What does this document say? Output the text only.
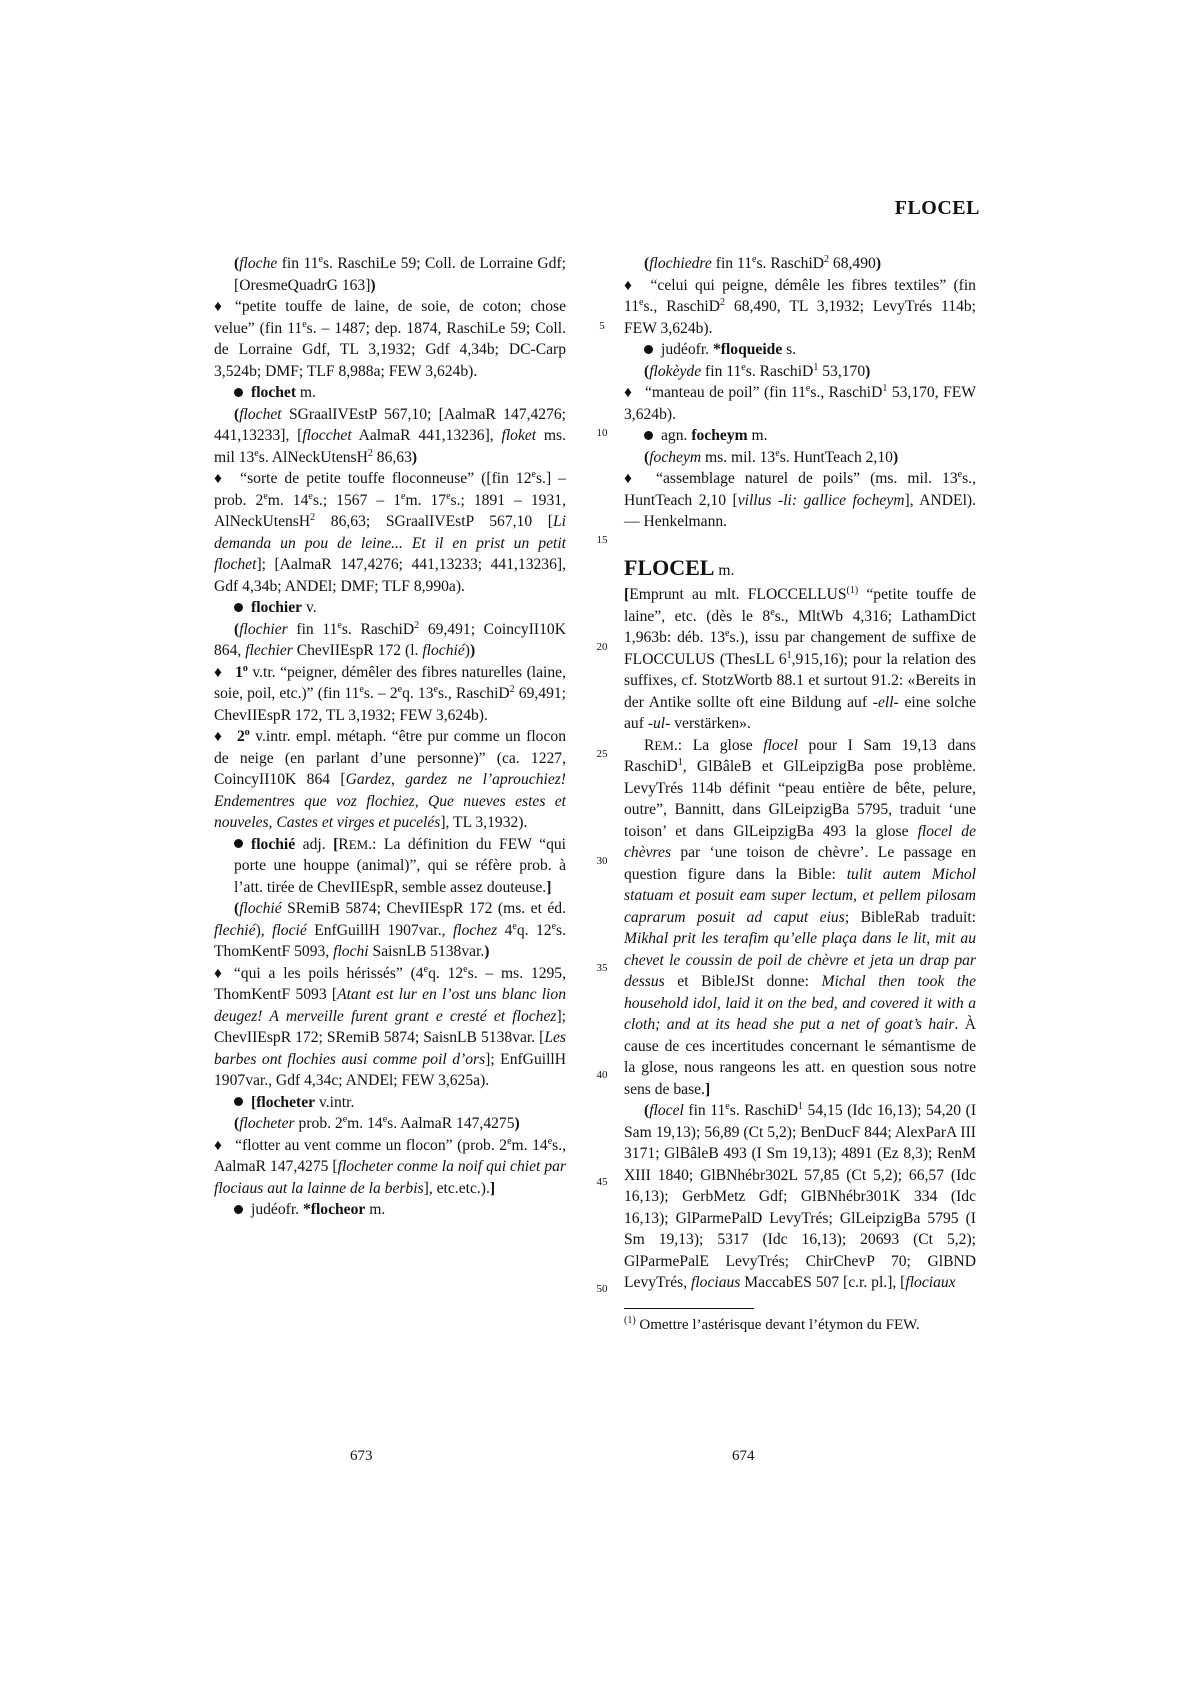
FLOCEL

(floche fin 11es. RaschiLe 59; Coll. de Lorraine Gdf; [OresmeQuadrG 163])

♦ “petite touffe de laine, de soie, de coton; chose velue” (fin 11es. – 1487; dep. 1874, RaschiLe 59; Coll. de Lorraine Gdf, TL 3,1932; Gdf 4,34b; DC-Carp 3,524b; DMF; TLF 8,988a; FEW 3,624b).

flochet m.

(flochet SGraalIVEstP 567,10; [AalmaR 147,4276; 441,13233], [flocchet AalmaR 441,13236], floket ms. mil 13es. AlNeckUtensH$^2$ 86,63)

♦ “sorte de petite touffe floconneuse” ([fin 12es.] – prob. 2em. 14es.; 1567 – 1em. 17es.; 1891 – 1931, AlNeckUtensH$^2$ 86,63; SGraalIVEstP 567,10 [Li demanda un pou de leine... Et il en prist un petit flochet]; [AalmaR 147,4276; 441,13233; 441,13236], Gdf 4,34b; ANDEl; DMF; TLF 8,990a).

flochier v.

(flochier fin 11es. RaschiD$^2$ 69,491; CoincyII10K 864, flechier ChevIIEspR 172 (l. flochié))

♦ 1$^o$ v.tr. “peigner, démêler des fibres naturelles (laine, soie, poil, etc.)” (fin 11es. – 2eq. 13es., RaschiD$^2$ 69,491; ChevIIEspR 172, TL 3,1932; FEW 3,624b).

♦ 2$^o$ v.intr. empl. métaph. “être pur comme un flocon de neige (en parlant d’une personne)” (ca. 1227, CoincyII10K 864 [Gardez, gardez ne l’aprouchiez! Endementres que voz flochiez, Que nueves estes et nouveles, Castes et virges et pucelés], TL 3,1932).

flochié adj. [REM.: La définition du FEW “qui porte une houppe (animal)”, qui se réfère prob. à l’att. tirée de ChevIIEspR, semble assez douteuse.]

(flochié SRemiB 5874; ChevIIEspR 172 (ms. et éd. flechié), flocié EnfGuillH 1907var., flochez 4eq. 12es. ThomKentF 5093, flochi SaisnLB 5138var.)

♦ “qui a les poils hérissés” (4eq. 12es. – ms. 1295, ThomKentF 5093 [Atant est lur en l’ost uns blanc lion deugez! A merveille furent grant e cresté et flochez]; ChevIIEspR 172; SRemiB 5874; SaisnLB 5138var. [Les barbes ont flochies ausi comme poil d’ors]; EnfGuillH 1907var., Gdf 4,34c; ANDEl; FEW 3,625a).

[flocheter v.intr.

(flocheter prob. 2em. 14es. AalmaR 147,4275)

♦ “flotter au vent comme un flocon” (prob. 2em. 14es., AalmaR 147,4275 [flocheter conme la noif qui chiet par flociaus aut la lainne de la berbis], etc.etc.).]

judéofr. *flocheor m.

(flochiedre fin 11es. RaschiD$^2$ 68,490)

♦ “celui qui peigne, démêle les fibres textiles” (fin 11es., RaschiD$^2$ 68,490, TL 3,1932; LevyTrés 114b; FEW 3,624b).

judéofr. *floqueide s.

(flokèyde fin 11es. RaschiD$^1$ 53,170)

♦ “manteau de poil” (fin 11es., RaschiD$^1$ 53,170, FEW 3,624b).

agn. focheym m.

(focheym ms. mil. 13es. HuntTeach 2,10)

♦ “assemblage naturel de poils” (ms. mil. 13es., HuntTeach 2,10 [villus -li: gallice focheym], ANDEl). — Henkelmann.

FLOCEL m.

[Emprunt au mlt. FLOCCELLUS$^{(1)}$ “petite touffe de laine”, etc. (dès le 8es., MltWb 4,316; LathamDict 1,963b: déb. 13es.), issu par changement de suffixe de FLOCCULUS (ThesLL $6^1,915,16$); pour la relation des suffixes, cf. StotzWortb 88.1 et surtout 91.2: «Bereits in der Antike sollte oft eine Bildung auf -ell- eine solche auf -ul- verstärken».

REM.: La glose flocel pour I Sam 19,13 dans RaschiD$^1$, GlBâleB et GlLeipzigBa pose problème. LevyTrés 114b définit “peau entière de bête, pelure, outre”, Bannitt, dans GlLeipzigBa 5795, traduit ‘une toison’ et dans GlLeipzigBa 493 la glose flocel de chèvres par ‘une toison de chèvre’. Le passage en question figure dans la Bible: tulit autem Michol statuam et posuit eam super lectum, et pellem pilosam caprarum posuit ad caput eius; BibleRab traduit: Mikhal prit les terafim qu’elle plaça dans le lit, mit au chevet le coussin de poil de chèvre et jeta un drap par dessus et BibleJSt donne: Michal then took the household idol, laid it on the bed, and covered it with a cloth; and at its head she put a net of goat’s hair. À cause de ces incertitudes concernant le sémantisme de la glose, nous rangeons les att. en question sous notre sens de base.]

(flocel fin 11es. RaschiD$^1$ 54,15 (Idc 16,13); 54,20 (I Sam 19,13); 56,89 (Ct 5,2); BenDucF 844; AlexParA III 3171; GlBâleB 493 (I Sm 19,13); 4891 (Ez 8,3); RenM XIII 1840; GlBNhébr302L 57,85 (Ct 5,2); 66,57 (Idc 16,13); GerbMetz Gdf; GlBNhébr301K 334 (Idc 16,13); GlParmePalD LevyTrés; GlLeipzigBa 5795 (I Sm 19,13); 5317 (Idc 16,13); 20693 (Ct 5,2); GlParmePalE LevyTrés; ChirChevP 70; GlBND LevyTrés, flociaus MaccabES 507 [c.r. pl.], [flociaux

$^{(1)}$ Omettre l’astérisque devant l’étymon du FEW.
5
10
15
20
25
30
35
40
45
50
673	674
